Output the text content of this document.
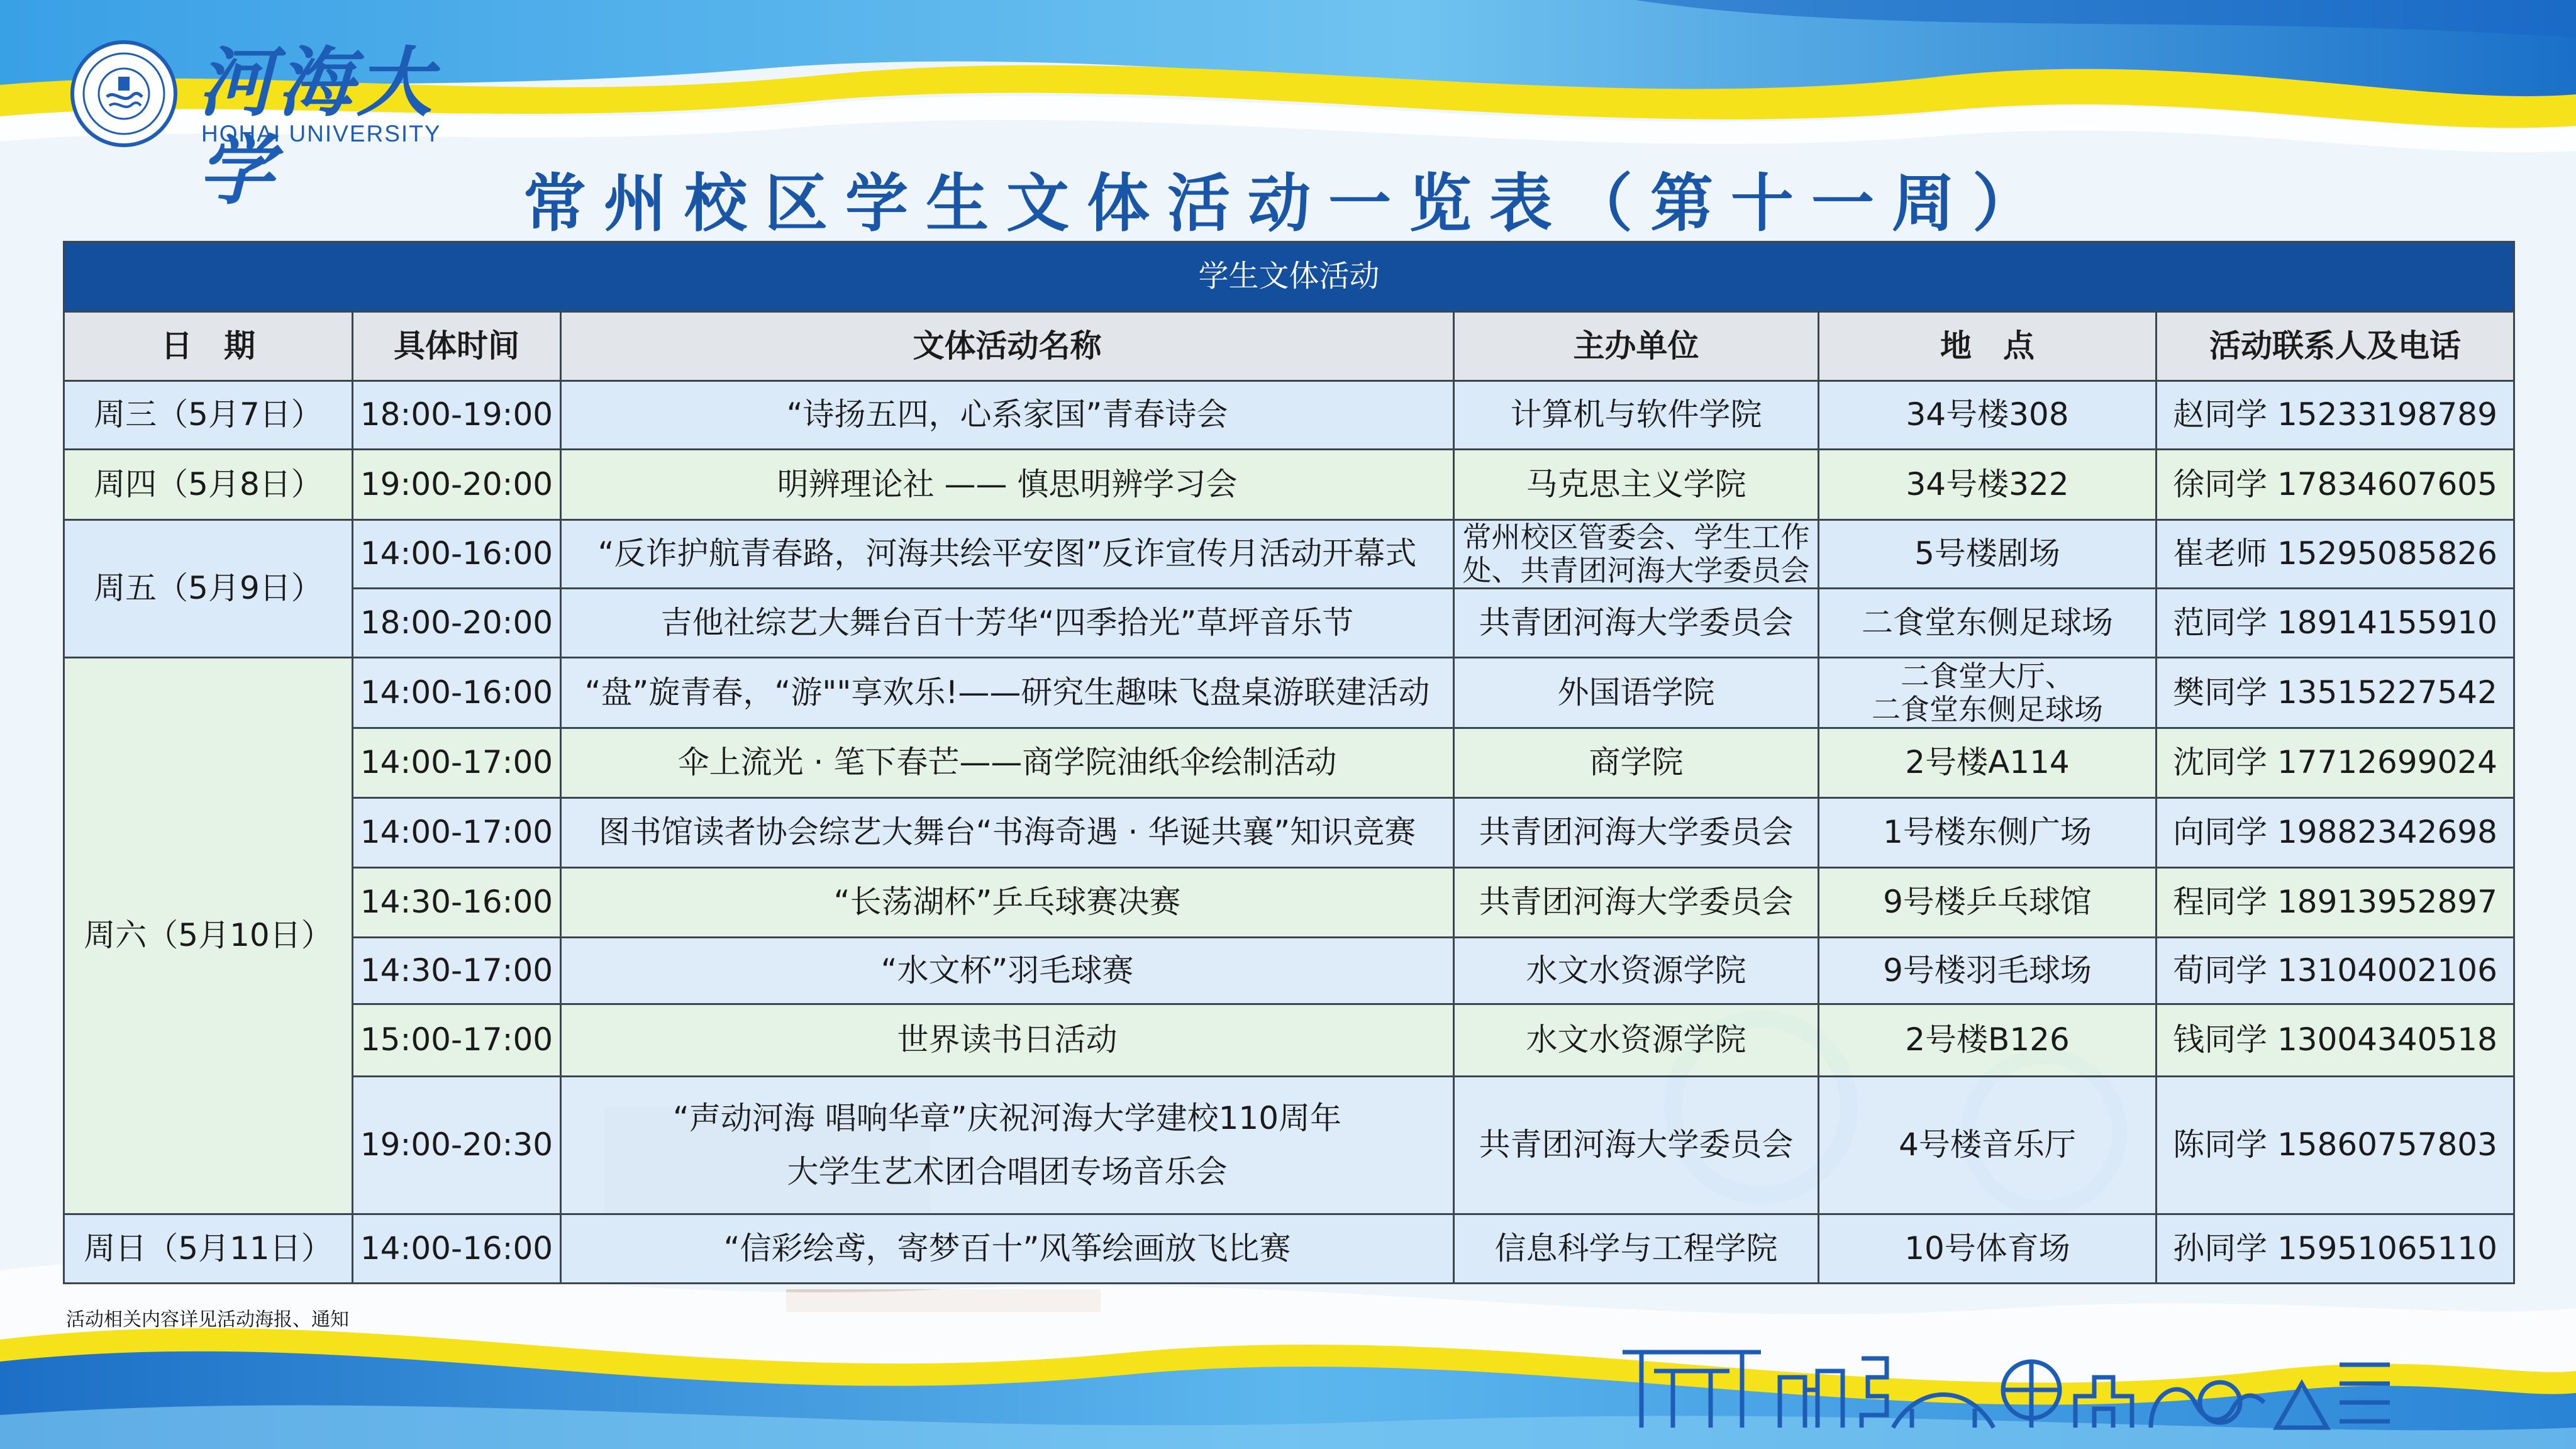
河海大学
HOHAI UNIVERSITY
常州校区学生文体活动一览表（第十一周）
学生文体活动					
日　期	具体时间	文体活动名称	主办单位	地　点	活动联系人及电话
周三（5月7日）	18:00-19:00	“诗扬五四，心系家国”青春诗会	计算机与软件学院	34号楼308	赵同学 15233198789
周四（5月8日）	19:00-20:00	明辨理论社 —— 慎思明辨学习会	马克思主义学院	34号楼322	徐同学 17834607605
周五（5月9日）	14:00-16:00	“反诈护航青春路，河海共绘平安图”反诈宣传月活动开幕式	常州校区管委会、学生工作
处、共青团河海大学委员会	5号楼剧场	崔老师 15295085826
	18:00-20:00	吉他社综艺大舞台百十芳华“四季拾光”草坪音乐节	共青团河海大学委员会	二食堂东侧足球场	范同学 18914155910
周六（5月10日）	14:00-16:00	“盘”旋青春，“游""享欢乐!——研究生趣味飞盘桌游联建活动	外国语学院	二食堂大厅、
二食堂东侧足球场	樊同学 13515227542
	14:00-17:00	伞上流光 · 笔下春芒——商学院油纸伞绘制活动	商学院	2号楼A114	沈同学 17712699024
	14:00-17:00	图书馆读者协会综艺大舞台“书海奇遇 · 华诞共襄”知识竞赛	共青团河海大学委员会	1号楼东侧广场	向同学 19882342698
	14:30-16:00	“长荡湖杯”乒乓球赛决赛	共青团河海大学委员会	9号楼乒乓球馆	程同学 18913952897
	14:30-17:00	“水文杯”羽毛球赛	水文水资源学院	9号楼羽毛球场	荀同学 13104002106
	15:00-17:00	世界读书日活动	水文水资源学院	2号楼B126	钱同学 13004340518
	19:00-20:30	“声动河海 唱响华章”庆祝河海大学建校110周年
大学生艺术团合唱团专场音乐会	共青团河海大学委员会	4号楼音乐厅	陈同学 15860757803
周日（5月11日）	14:00-16:00	“信彩绘鸢，寄梦百十”风筝绘画放飞比赛	信息科学与工程学院	10号体育场	孙同学 15951065110
活动相关内容详见活动海报、通知
